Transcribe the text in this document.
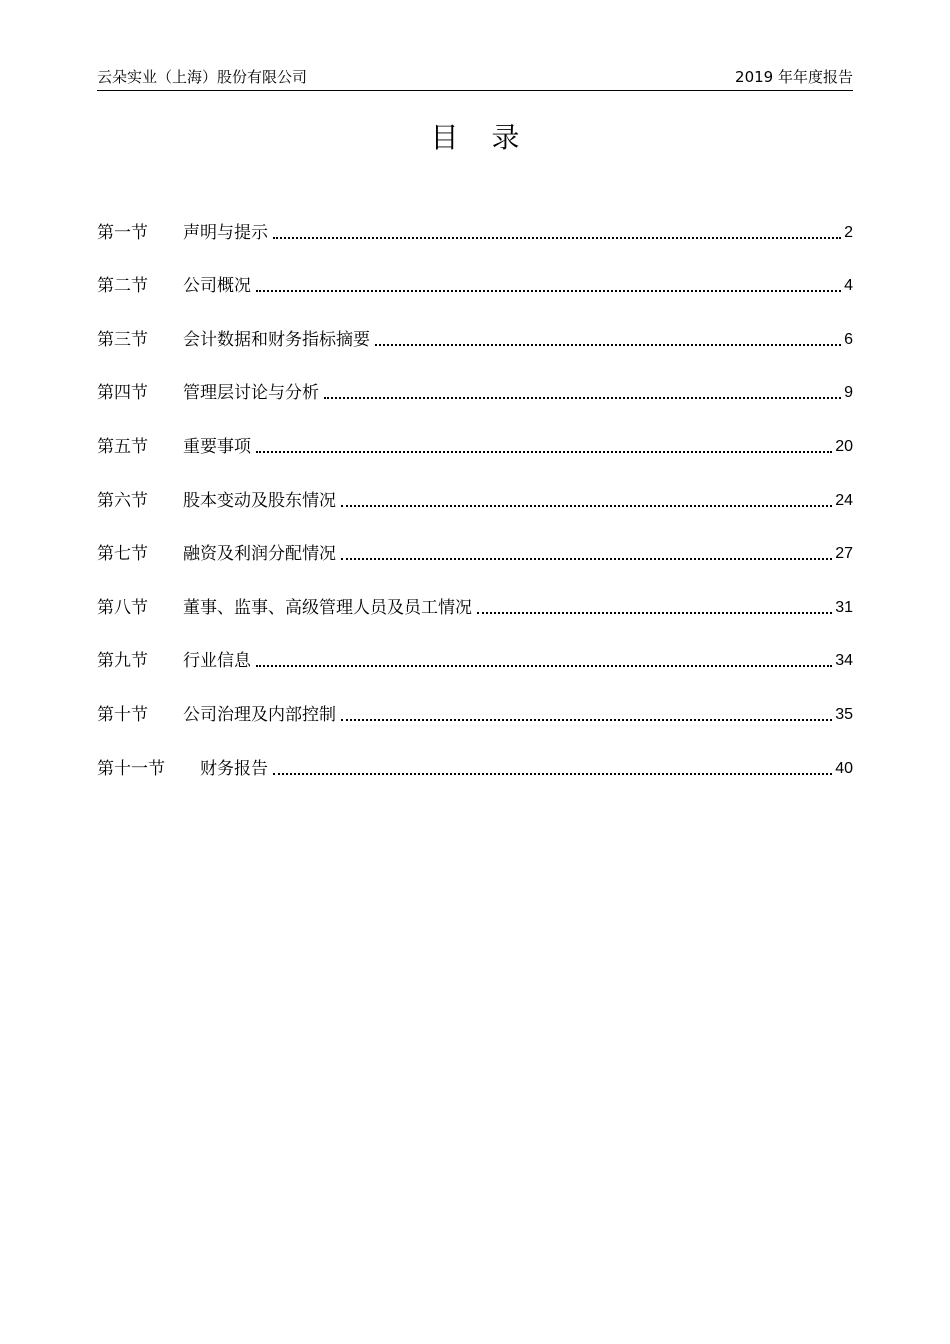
云朵实业（上海）股份有限公司	2019 年年度报告
目 录
第一节	声明与提示	2
第二节	公司概况	4
第三节	会计数据和财务指标摘要	6
第四节	管理层讨论与分析	9
第五节	重要事项	20
第六节	股本变动及股东情况	24
第七节	融资及利润分配情况	27
第八节	董事、监事、高级管理人员及员工情况	31
第九节	行业信息	34
第十节	公司治理及内部控制	35
第十一节	财务报告	40
